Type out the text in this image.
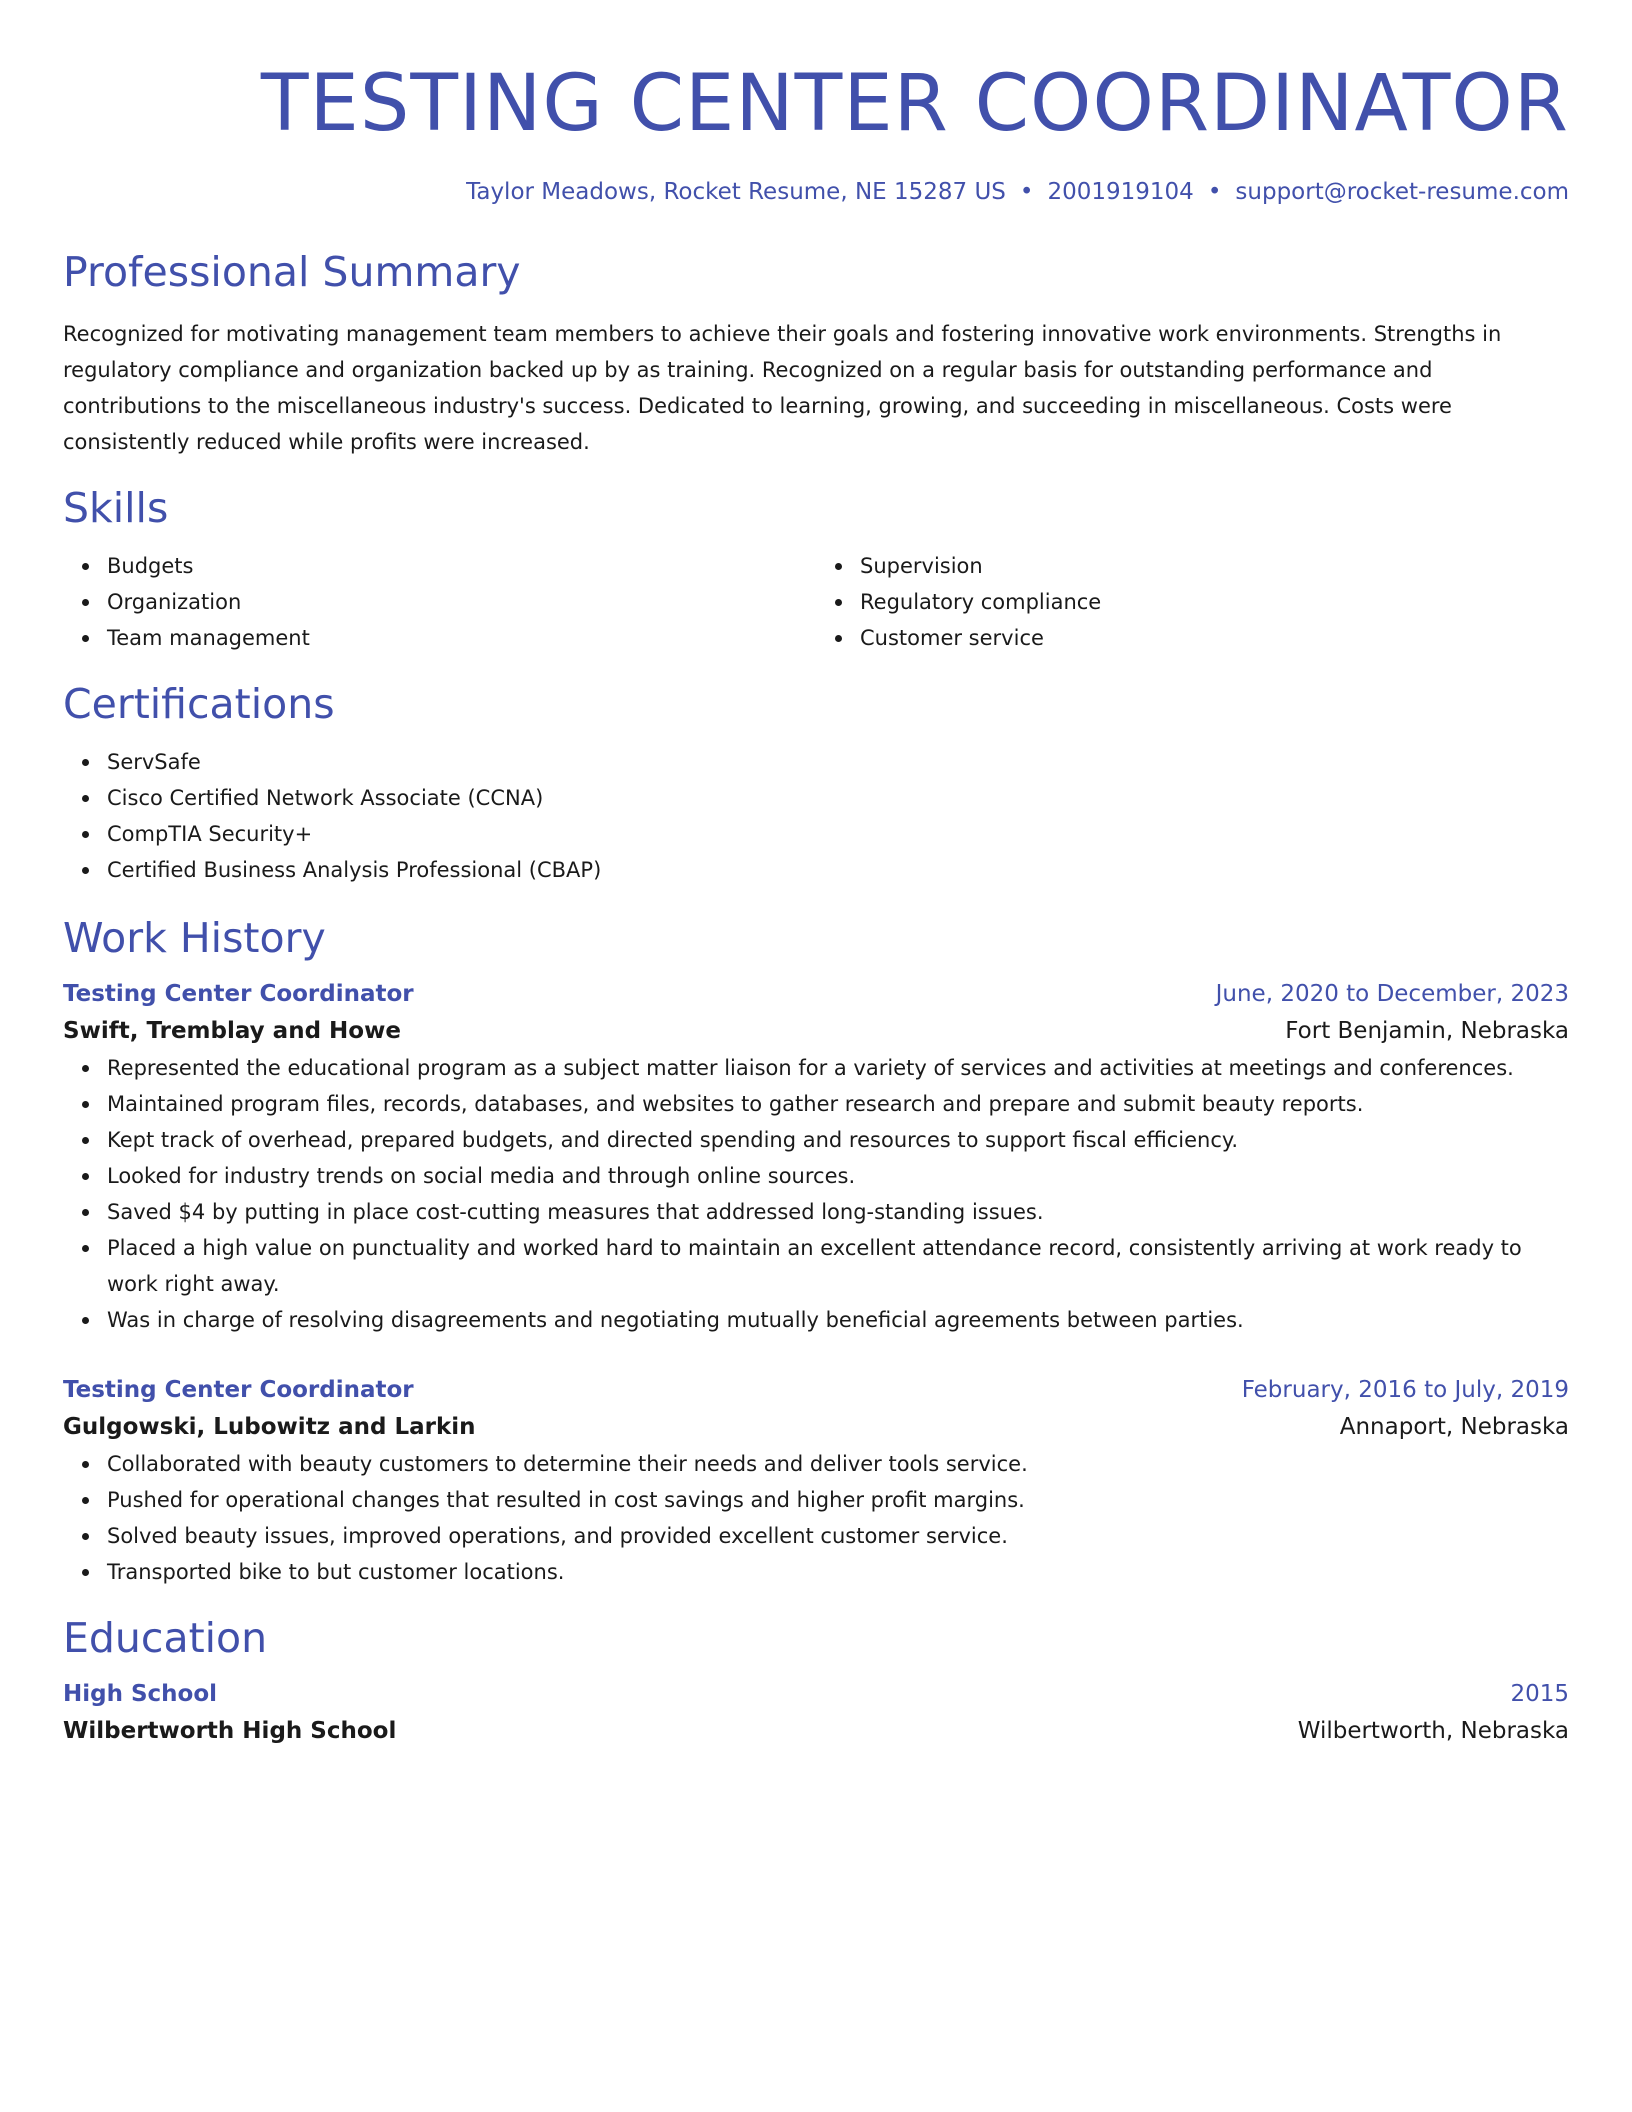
TESTING CENTER COORDINATOR
Taylor Meadows, Rocket Resume, NE 15287 US • 2001919104 • support@rocket-resume.com
Professional Summary

Recognized for motivating management team members to achieve their goals and fostering innovative work environments. Strengths in regulatory compliance and organization backed up by as training. Recognized on a regular basis for outstanding performance and contributions to the miscellaneous industry's success. Dedicated to learning, growing, and succeeding in miscellaneous. Costs were consistently reduced while profits were increased.

Skills
Budgets
Organization
Team management
Supervision
Regulatory compliance
Customer service
Certifications
ServSafe
Cisco Certified Network Associate (CCNA)
CompTIA Security+
Certified Business Analysis Professional (CBAP)
Work History
Testing Center Coordinator	June, 2020 to December, 2023
Swift, Tremblay and Howe	Fort Benjamin, Nebraska
Represented the educational program as a subject matter liaison for a variety of services and activities at meetings and conferences.
Maintained program files, records, databases, and websites to gather research and prepare and submit beauty reports.
Kept track of overhead, prepared budgets, and directed spending and resources to support fiscal efficiency.
Looked for industry trends on social media and through online sources.
Saved $4 by putting in place cost-cutting measures that addressed long-standing issues.
Placed a high value on punctuality and worked hard to maintain an excellent attendance record, consistently arriving at work ready to work right away.
Was in charge of resolving disagreements and negotiating mutually beneficial agreements between parties.
Testing Center Coordinator	February, 2016 to July, 2019
Gulgowski, Lubowitz and Larkin	Annaport, Nebraska
Collaborated with beauty customers to determine their needs and deliver tools service.
Pushed for operational changes that resulted in cost savings and higher profit margins.
Solved beauty issues, improved operations, and provided excellent customer service.
Transported bike to but customer locations.
Education
High School	2015
Wilbertworth High School	Wilbertworth, Nebraska
